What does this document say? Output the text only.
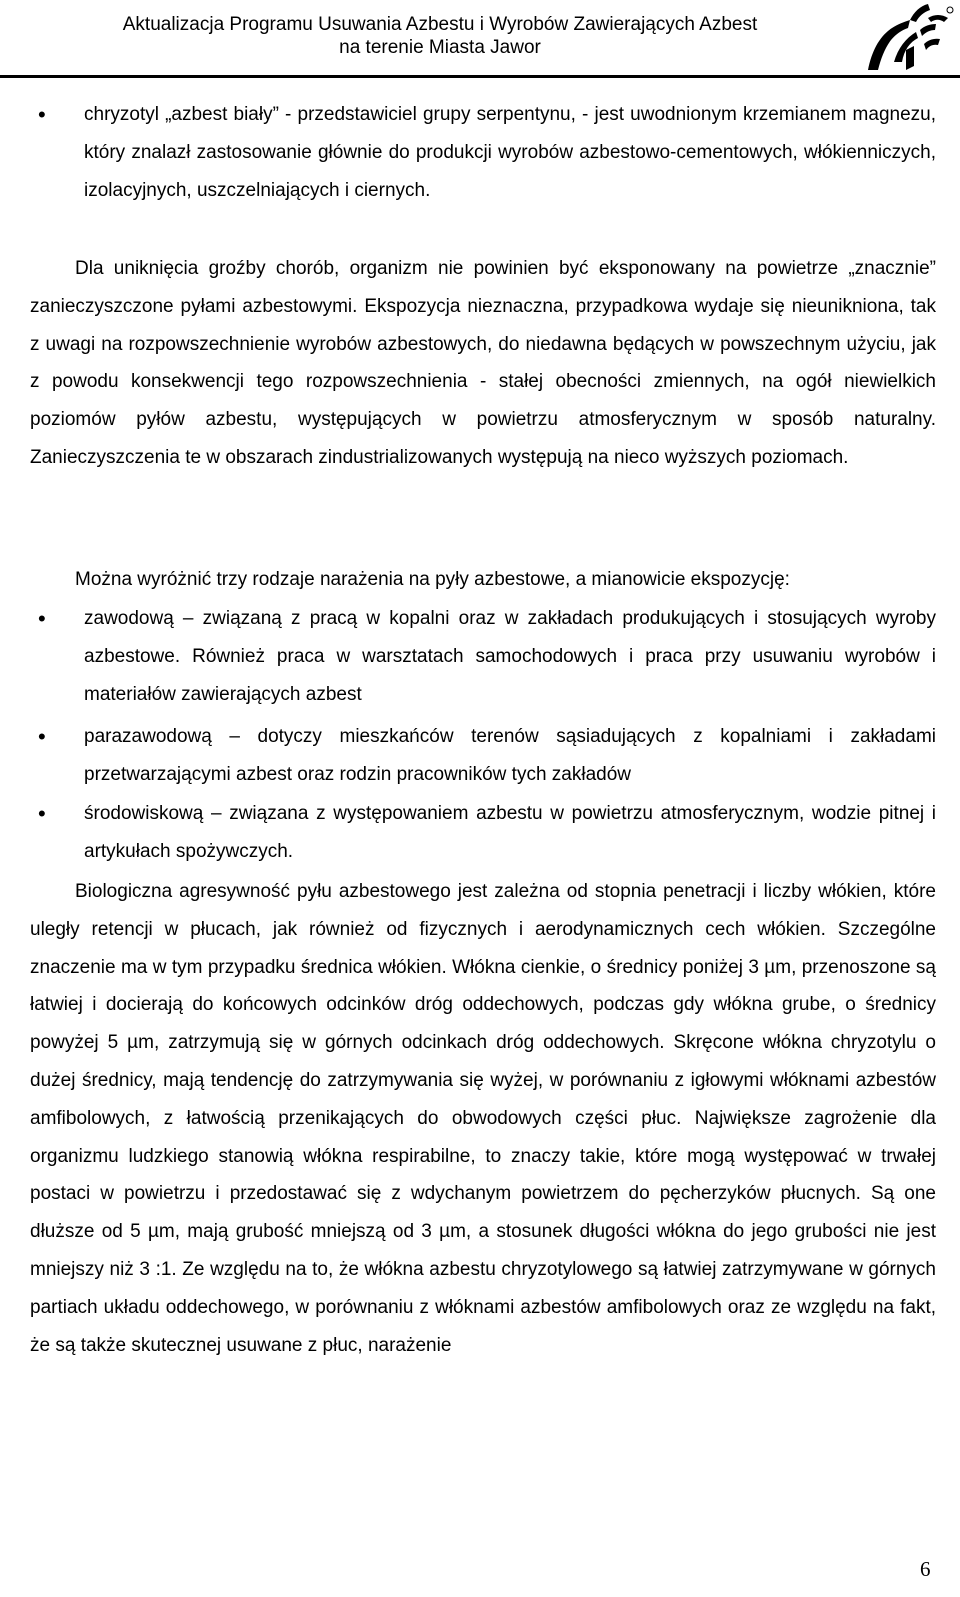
Aktualizacja Programu Usuwania Azbestu i Wyrobów Zawierających Azbest
na terenie Miasta Jawor
• chryzotyl „azbest biały” - przedstawiciel grupy serpentynu, - jest uwodnionym krzemianem magnezu, który znalazł zastosowanie głównie do produkcji wyrobów azbestowo-cementowych, włókienniczych, izolacyjnych, uszczelniających i ciernych.
Dla uniknięcia groźby chorób, organizm nie powinien być eksponowany na powietrze „znacznie” zanieczyszczone pyłami azbestowymi. Ekspozycja nieznaczna, przypadkowa wydaje się nieunikniona, tak z uwagi na rozpowszechnienie wyrobów azbestowych, do niedawna będących w powszechnym użyciu, jak z powodu konsekwencji tego rozpowszechnienia - stałej obecności zmiennych, na ogół niewielkich poziomów pyłów azbestu, występujących w powietrzu atmosferycznym w sposób naturalny. Zanieczyszczenia te w obszarach zindustrializowanych występują na nieco wyższych poziomach.
Można wyróżnić trzy rodzaje narażenia na pyły azbestowe, a mianowicie ekspozycję:
• zawodową – związaną z pracą w kopalni oraz w zakładach produkujących i stosujących wyroby azbestowe. Również praca w warsztatach samochodowych i praca przy usuwaniu wyrobów i materiałów zawierających azbest
• parazawodową – dotyczy mieszkańców terenów sąsiadujących z kopalniami i zakładami przetwarzającymi azbest oraz rodzin pracowników tych zakładów
• środowiskową – związana z występowaniem azbestu w powietrzu atmosferycznym, wodzie pitnej i artykułach spożywczych.
Biologiczna agresywność pyłu azbestowego jest zależna od stopnia penetracji i liczby włókien, które uległy retencji w płucach, jak również od fizycznych i aerodynamicznych cech włókien. Szczególne znaczenie ma w tym przypadku średnica włókien. Włókna cienkie, o średnicy poniżej 3 µm, przenoszone są łatwiej i docierają do końcowych odcinków dróg oddechowych, podczas gdy włókna grube, o średnicy powyżej 5 µm, zatrzymują się w górnych odcinkach dróg oddechowych. Skręcone włókna chryzotylu o dużej średnicy, mają tendencję do zatrzymywania się wyżej, w porównaniu z igłowymi włóknami azbestów amfibolowych, z łatwością przenikających do obwodowych części płuc. Największe zagrożenie dla organizmu ludzkiego stanowią włókna respirabilne, to znaczy takie, które mogą występować w trwałej postaci w powietrzu i przedostawać się z wdychanym powietrzem do pęcherzyków płucnych. Są one dłuższe od 5 µm, mają grubość mniejszą od 3 µm, a stosunek długości włókna do jego grubości nie jest mniejszy niż 3 :1. Ze względu na to, że włókna azbestu chryzotylowego są łatwiej zatrzymywane w górnych partiach układu oddechowego, w porównaniu z włóknami azbestów amfibolowych oraz ze względu na fakt, że są także skutecznej usuwane z płuc, narażenie
6
